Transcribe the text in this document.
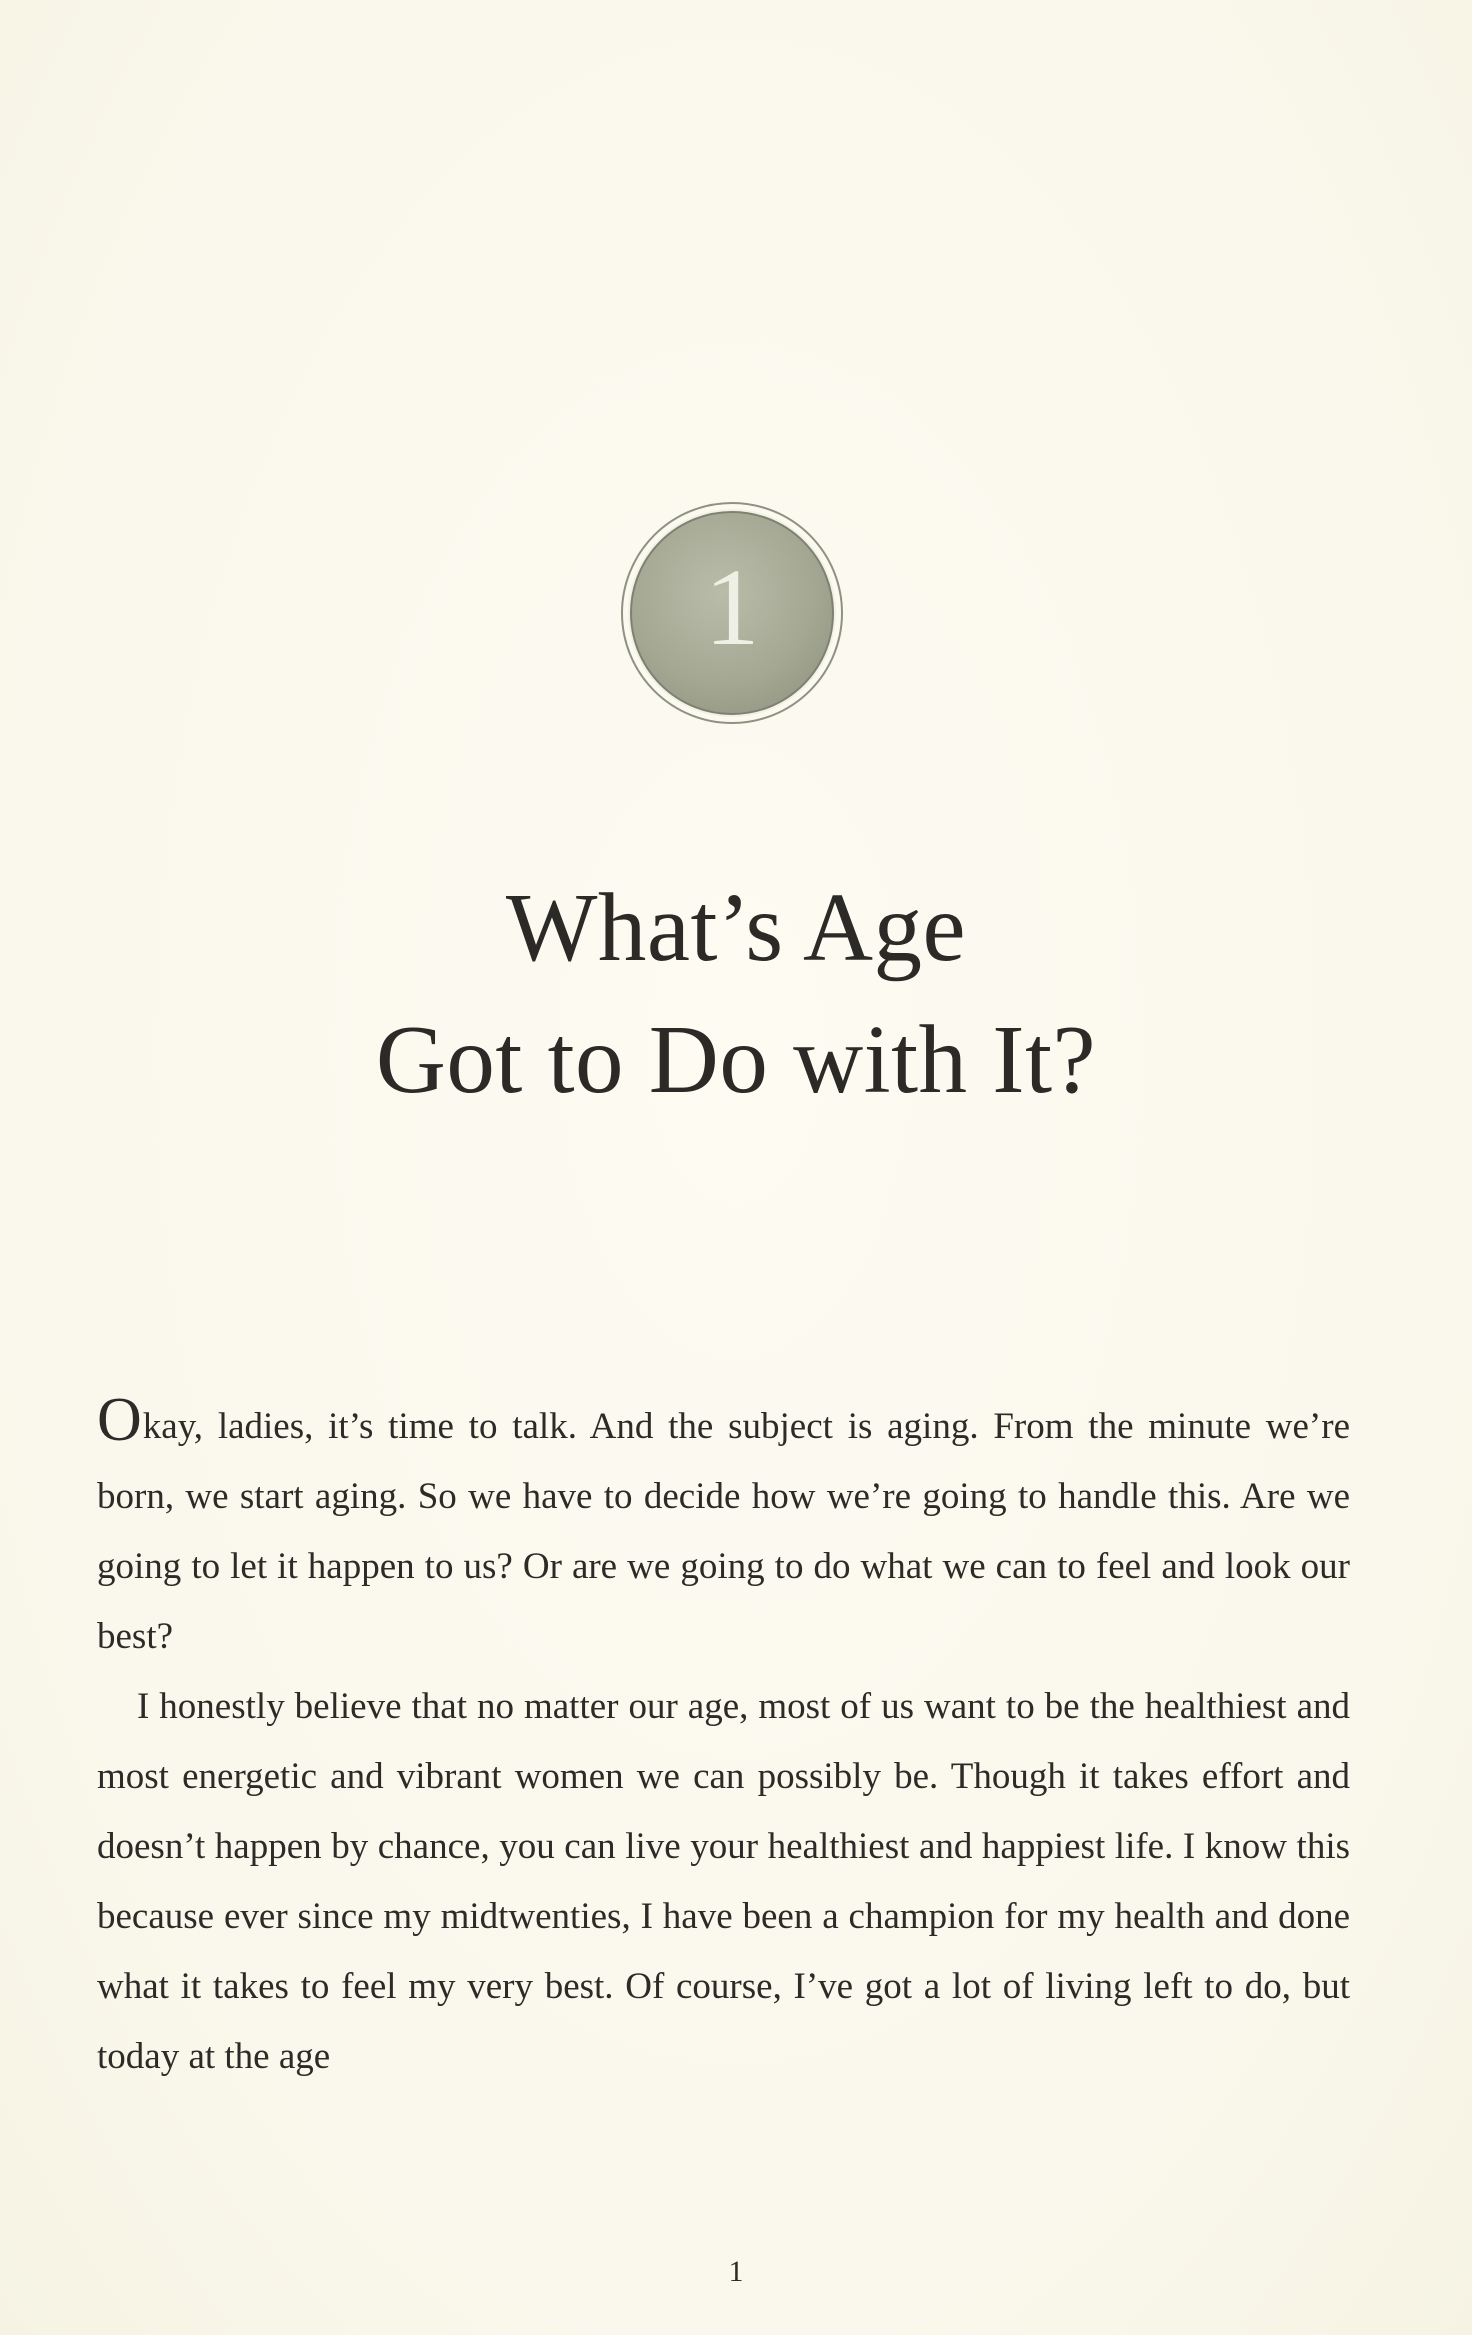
1
What’s Age
Got to Do with It?

Okay, ladies, it’s time to talk. And the subject is aging. From the minute we’re born, we start aging. So we have to decide how we’re going to handle this. Are we going to let it happen to us? Or are we going to do what we can to feel and look our best?

I honestly believe that no matter our age, most of us want to be the healthiest and most energetic and vibrant women we can possibly be. Though it takes effort and doesn’t happen by chance, you can live your healthiest and happiest life. I know this because ever since my midtwenties, I have been a champion for my health and done what it takes to feel my very best. Of course, I’ve got a lot of living left to do, but today at the age

1
